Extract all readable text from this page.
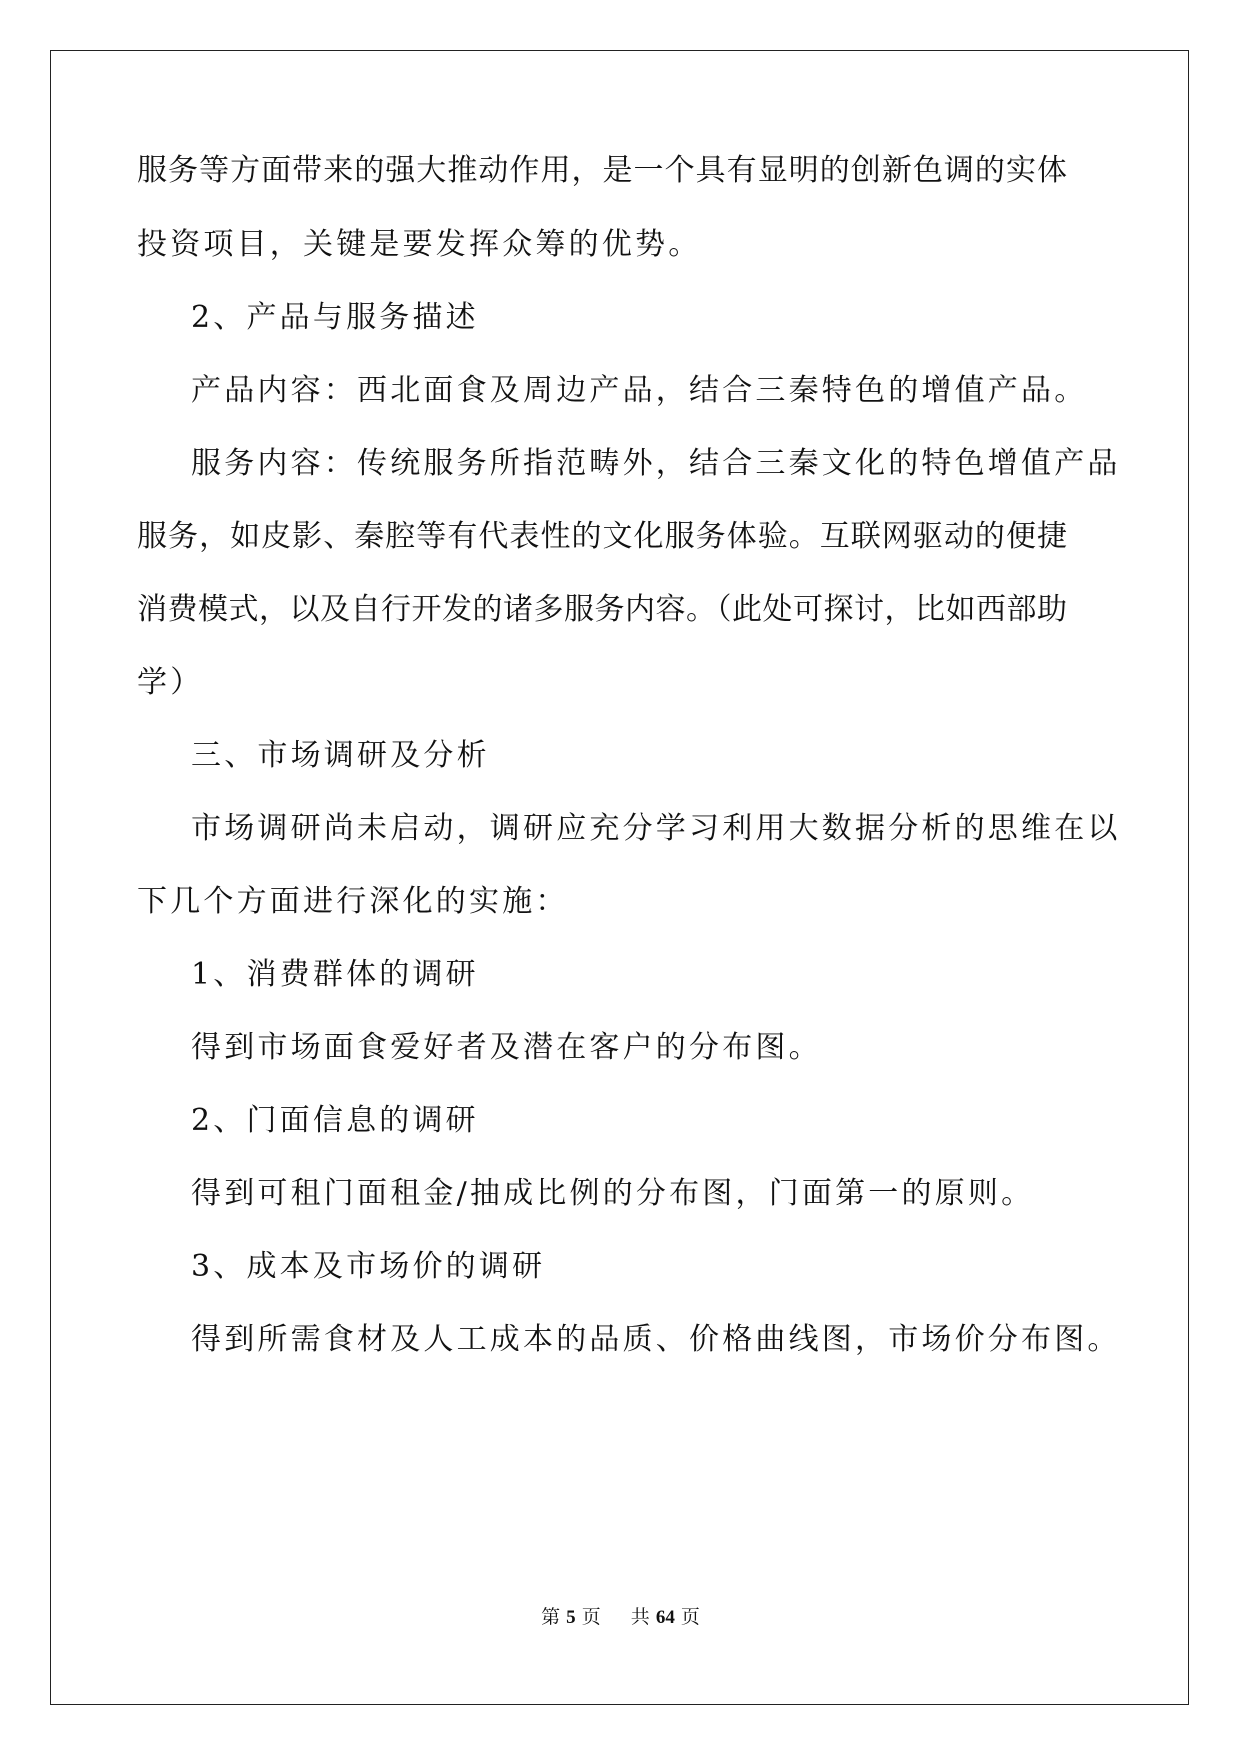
服务等方面带来的强大推动作用，是一个具有显明的创新色调的实体
投资项目，关键是要发挥众筹的优势。
2、产品与服务描述
产品内容：西北面食及周边产品，结合三秦特色的增值产品。
服务内容：传统服务所指范畴外，结合三秦文化的特色增值产品
服务，如皮影、秦腔等有代表性的文化服务体验。互联网驱动的便捷
消费模式，以及自行开发的诸多服务内容。（此处可探讨，比如西部助
学）
三、市场调研及分析
市场调研尚未启动，调研应充分学习利用大数据分析的思维在以
下几个方面进行深化的实施：
1、消费群体的调研
得到市场面食爱好者及潜在客户的分布图。
2、门面信息的调研
得到可租门面租金/抽成比例的分布图，门面第一的原则。
3、成本及市场价的调研
得到所需食材及人工成本的品质、价格曲线图，市场价分布图。
第 5 页 共 64 页
